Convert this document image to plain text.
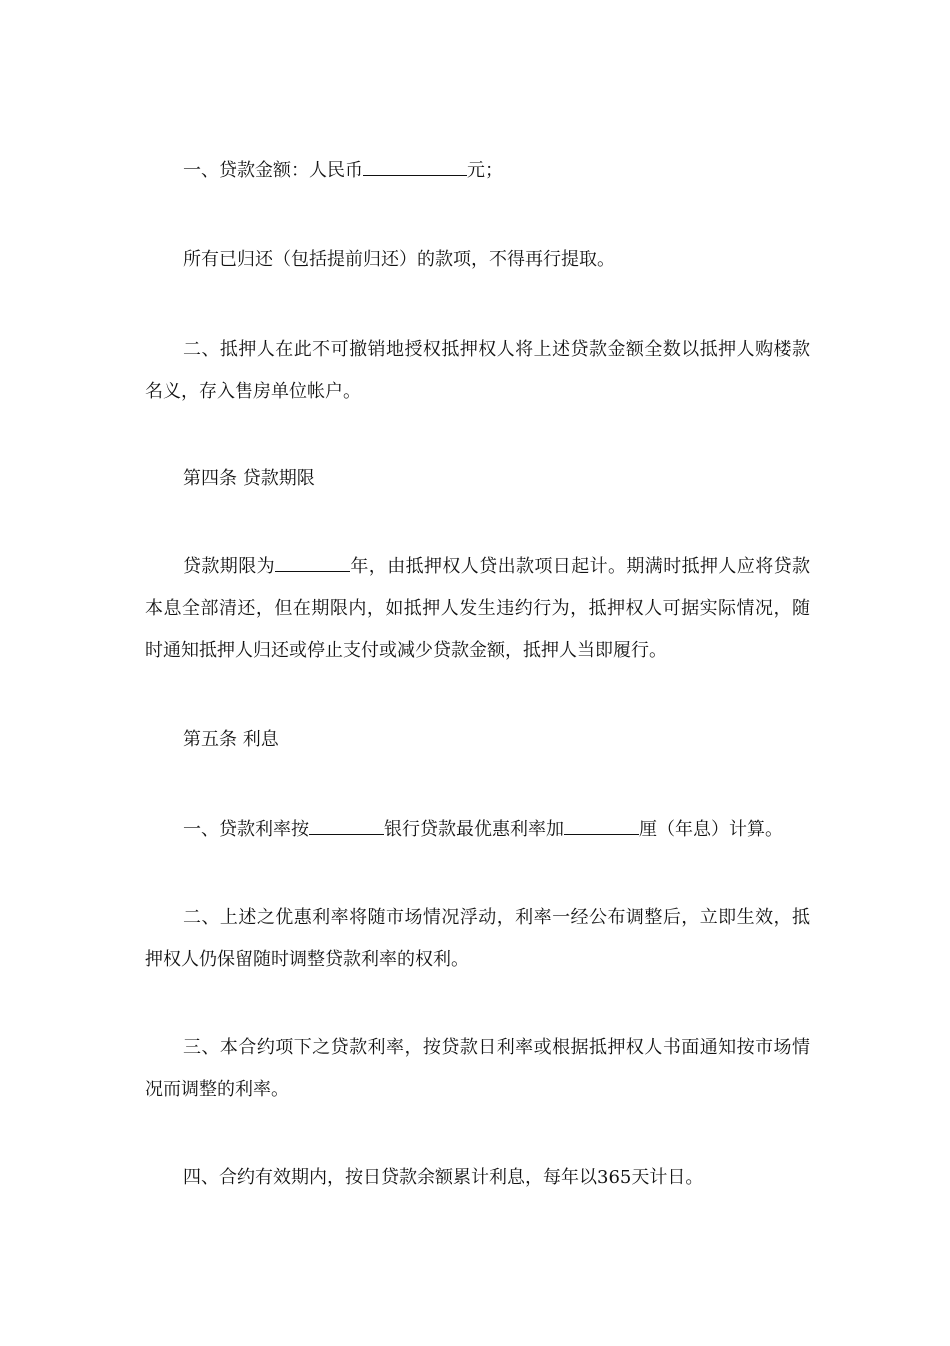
一、贷款金额：人民币	元；
所有已归还（包括提前归还）的款项，不得再行提取。
二、抵押人在此不可撤销地授权抵押权人将上述贷款金额全数以抵押人购楼款名义，存入售房单位帐户。
第四条 贷款期限
贷款期限为	年，由抵押权人贷出款项日起计。期满时抵押人应将贷款本息全部清还，但在期限内，如抵押人发生违约行为，抵押权人可据实际情况，随时通知抵押人归还或停止支付或减少贷款金额，抵押人当即履行。
第五条 利息
一、贷款利率按	银行贷款最优惠利率加	厘（年息）计算。
二、上述之优惠利率将随市场情况浮动，利率一经公布调整后，立即生效，抵押权人仍保留随时调整贷款利率的权利。
三、本合约项下之贷款利率，按贷款日利率或根据抵押权人书面通知按市场情况而调整的利率。
四、合约有效期内，按日贷款余额累计利息，每年以365天计日。
